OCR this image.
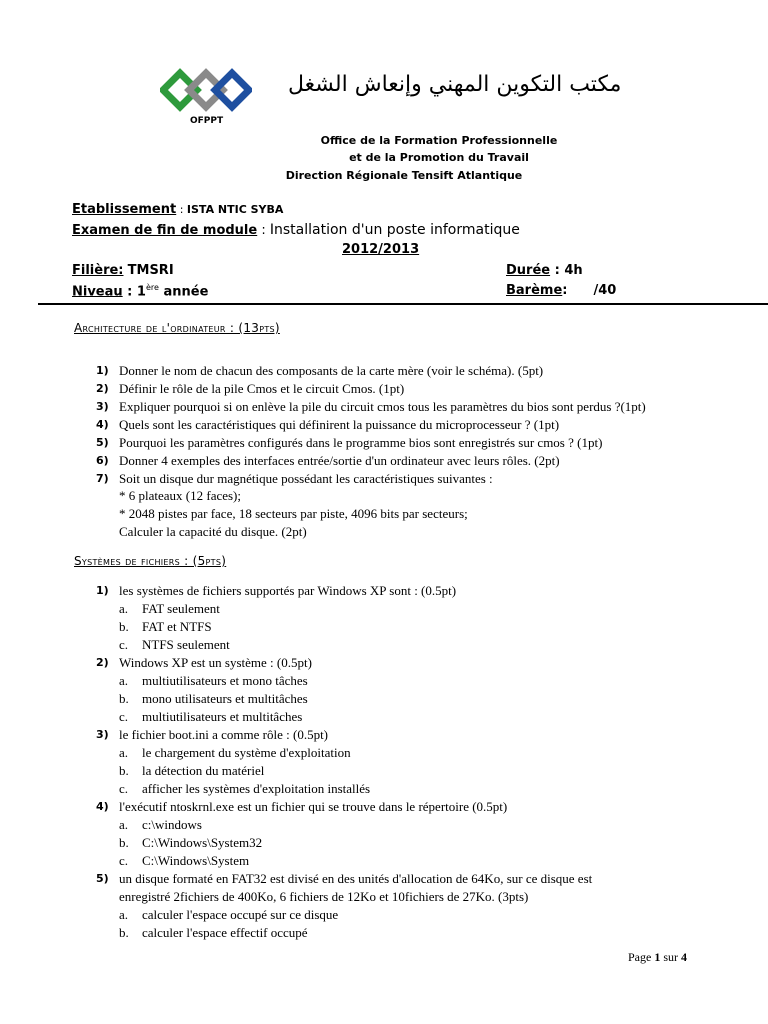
OFPPT
مكتب التكوين المهني وإنعاش الشغل
Office de la Formation Professionnelle
et de la Promotion du Travail
Direction Régionale Tensift Atlantique
Etablissement : ISTA NTIC SYBA
Examen de fin de module : Installation d'un poste informatique
2012/2013
Filière: TMSRI
Niveau : 1ère année
Durée : 4h
Barème: /40
Architecture de l'ordinateur : (13pts)
1) Donner le nom de chacun des composants de la carte mère (voir le schéma). (5pt)
2) Définir le rôle de la pile Cmos et le circuit Cmos. (1pt)
3) Expliquer pourquoi si on enlève la pile du circuit cmos tous les paramètres du bios sont perdus ?(1pt)
4) Quels sont les caractéristiques qui définirent la puissance du microprocesseur ? (1pt)
5) Pourquoi les paramètres configurés dans le programme bios sont enregistrés sur cmos ? (1pt)
6) Donner 4 exemples des interfaces entrée/sortie d'un ordinateur avec leurs rôles. (2pt)
7) Soit un disque dur magnétique possédant les caractéristiques suivantes :
* 6 plateaux (12 faces);
* 2048 pistes par face, 18 secteurs par piste, 4096 bits par secteurs;
Calculer la capacité du disque. (2pt)
Systèmes de fichiers : (5pts)
1) les systèmes de fichiers supportés par Windows XP sont : (0.5pt)
a. FAT seulement
b. FAT et NTFS
c. NTFS seulement
2) Windows XP est un système : (0.5pt)
a. multiutilisateurs et mono tâches
b. mono utilisateurs et multitâches
c. multiutilisateurs et multitâches
3) le fichier boot.ini a comme rôle : (0.5pt)
a. le chargement du système d'exploitation
b. la détection du matériel
c. afficher les systèmes d'exploitation installés
4) l'exécutif ntoskrnl.exe est un fichier qui se trouve dans le répertoire (0.5pt)
a. c:\windows
b. C:\Windows\System32
c. C:\Windows\System
5) un disque formaté en FAT32 est divisé en des unités d'allocation de 64Ko, sur ce disque est
enregistré 2fichiers de 400Ko, 6 fichiers de 12Ko et 10fichiers de 27Ko. (3pts)
a. calculer l'espace occupé sur ce disque
b. calculer l'espace effectif occupé
Page 1 sur 4
